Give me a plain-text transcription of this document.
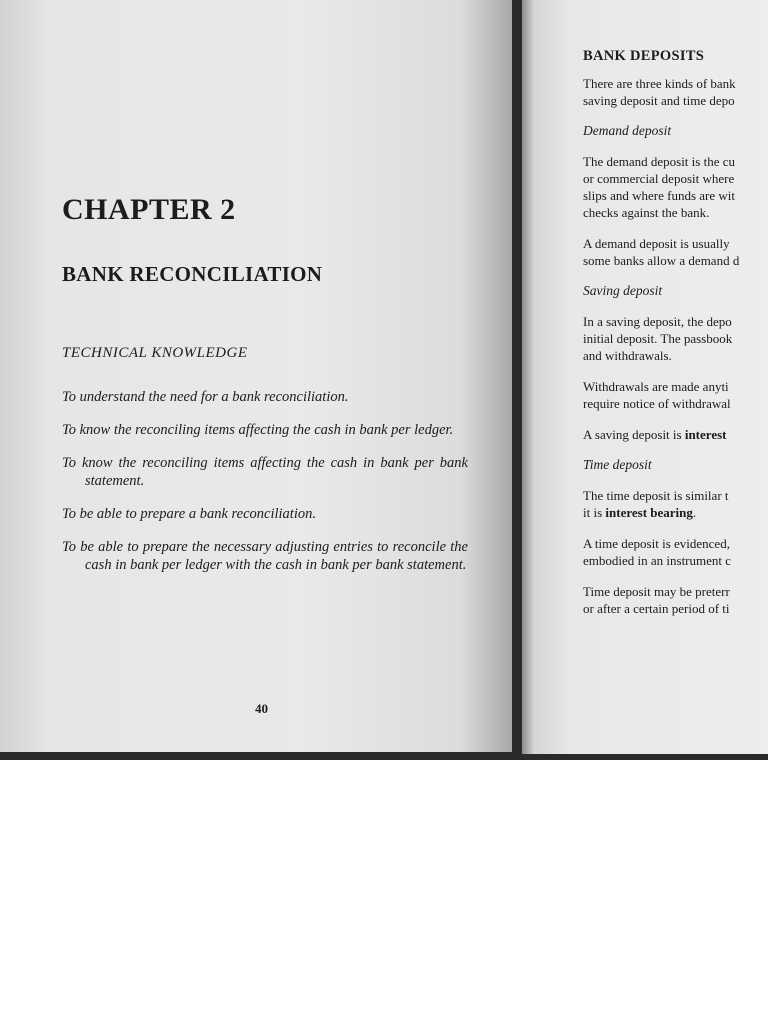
CHAPTER 2
BANK RECONCILIATION
TECHNICAL KNOWLEDGE
To understand the need for a bank reconciliation.
To know the reconciling items affecting the cash in bank per ledger.
To know the reconciling items affecting the cash in bank per bank statement.
To be able to prepare a bank reconciliation.
To be able to prepare the necessary adjusting entries to reconcile the cash in bank per ledger with the cash in bank per bank statement.
40
BANK DEPOSITS
There are three kinds of bank
saving deposit and time depo
Demand deposit
The demand deposit is the cu
or commercial deposit where
slips and where funds are wit
checks against the bank.
A demand deposit is usually
some banks allow a demand d
Saving deposit
In a saving deposit, the depo
initial deposit. The passbook
and withdrawals.
Withdrawals are made anyti
require notice of withdrawal
A saving deposit is interest
Time deposit
The time deposit is similar t
it is interest bearing.
A time deposit is evidenced,
embodied in an instrument c
Time deposit may be preterr
or after a certain period of ti
